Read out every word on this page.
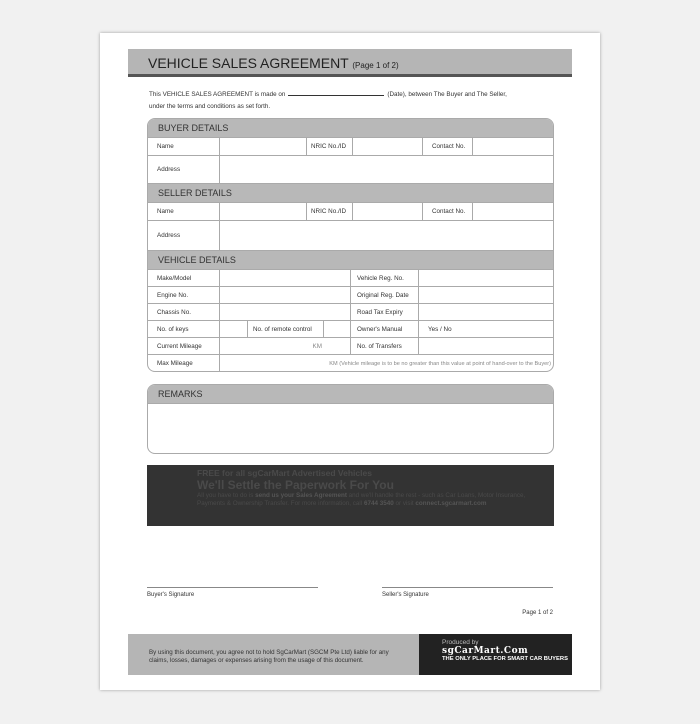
VEHICLE SALES AGREEMENT (Page 1 of 2)
This VEHICLE SALES AGREEMENT is made on	(Date), between The Buyer and The Seller,
under the terms and conditions as set forth.
BUYER DETAILS
Name	NRIC No./ID	Contact No.
Address
SELLER DETAILS
Name	NRIC No./ID	Contact No.
Address
VEHICLE DETAILS
Make/Model	Vehicle Reg. No.
Engine No.	Original Reg. Date
Chassis No.	Road Tax Expiry
No. of keys	No. of remote control	Owner's Manual	Yes / No
Current Mileage	KM	No. of Transfers
Max Mileage	KM (Vehicle mileage is to be no greater than this value at point of hand-over to the Buyer)
REMARKS
FREE for all sgCarMart Advertised Vehicles
We'll Settle the Paperwork For You
All you have to do is send us your Sales Agreement and we'll handle the rest - such as Car Loans, Motor Insurance, Payments & Ownership Transfer. For more information, call 6744 3540 or visit connect.sgcarmart.com
Buyer's Signature	Seller's Signature
Page 1 of 2
By using this document, you agree not to hold SgCarMart (SGCM Pte Ltd) liable for any
claims, losses, damages or expenses arising from the usage of this document.
Produced by
sgCarMart.Com
THE ONLY PLACE FOR SMART CAR BUYERS
